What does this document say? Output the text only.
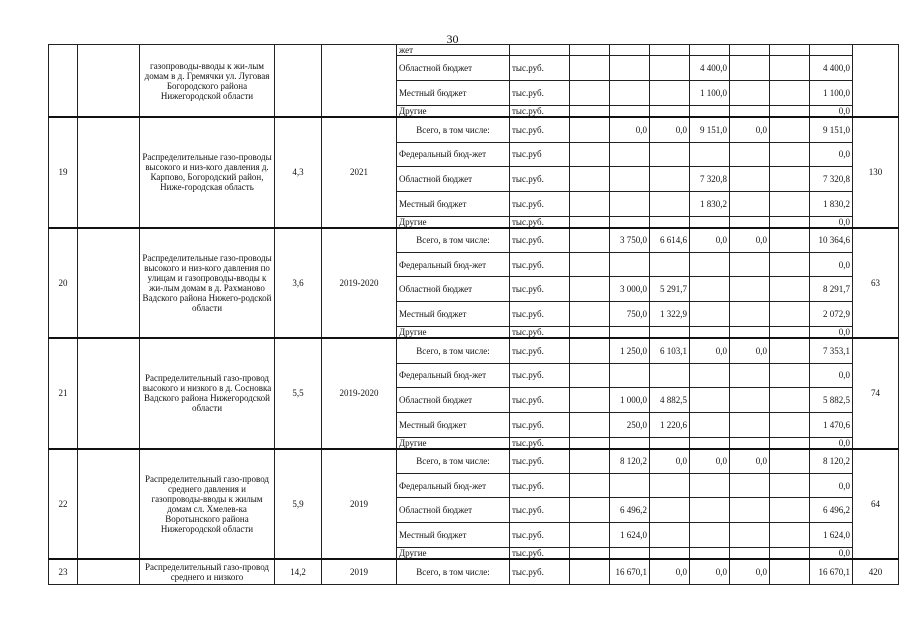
30
		газопроводы-вводы к жи-лым домам в д. Гремячки ул. Луговая Богородского района Нижегородской области			жет									
					Областной бюджет	тыс.руб.				4 400,0			4 400,0	
					Местный бюджет	тыс.руб.				1 100,0			1 100,0	
					Другие	тыс.руб.							0,0	
19		Распределительные газо-проводы высокого и низ-кого давления д. Карпово, Богородский район, Ниже-городская область	4,3	2021	Всего, в том числе:	тыс.руб.		0,0	0,0	9 151,0	0,0		9 151,0	130
					Федеральный бюд-жет	тыс.руб							0,0	
					Областной бюджет	тыс.руб.				7 320,8			7 320,8	
					Местный бюджет	тыс.руб.				1 830,2			1 830,2	
					Другие	тыс.руб.							0,0	
20		Распределительные газо-проводы высокого и низ-кого давления по улицам и газопроводы-вводы к жи-лым домам в д. Рахманово Вадского района Нижего-родской области	3,6	2019-2020	Всего, в том числе:	тыс.руб.		3 750,0	6 614,6	0,0	0,0		10 364,6	63
					Федеральный бюд-жет	тыс.руб.							0,0	
					Областной бюджет	тыс.руб.		3 000,0	5 291,7				8 291,7	
					Местный бюджет	тыс.руб.		750,0	1 322,9				2 072,9	
					Другие	тыс.руб.							0,0	
21		Распределительный газо-провод высокого и низкого в д. Сосновка Вадского района Нижегородской области	5,5	2019-2020	Всего, в том числе:	тыс.руб.		1 250,0	6 103,1	0,0	0,0		7 353,1	74
					Федеральный бюд-жет	тыс.руб.							0,0	
					Областной бюджет	тыс.руб.		1 000,0	4 882,5				5 882,5	
					Местный бюджет	тыс.руб.		250,0	1 220,6				1 470,6	
					Другие	тыс.руб.							0,0	
22		Распределительный газо-провод среднего давления и газопроводы-вводы к жилым домам сл. Хмелев-ка Воротынского района Нижегородской области	5,9	2019	Всего, в том числе:	тыс.руб.		8 120,2	0,0	0,0	0,0		8 120,2	64
					Федеральный бюд-жет	тыс.руб.							0,0	
					Областной бюджет	тыс.руб.		6 496,2					6 496,2	
					Местный бюджет	тыс.руб.		1 624,0					1 624,0	
					Другие	тыс.руб.							0,0	
23		Распределительный газо-провод среднего и низкого	14,2	2019	Всего, в том числе:	тыс.руб.		16 670,1	0,0	0,0	0,0		16 670,1	420
